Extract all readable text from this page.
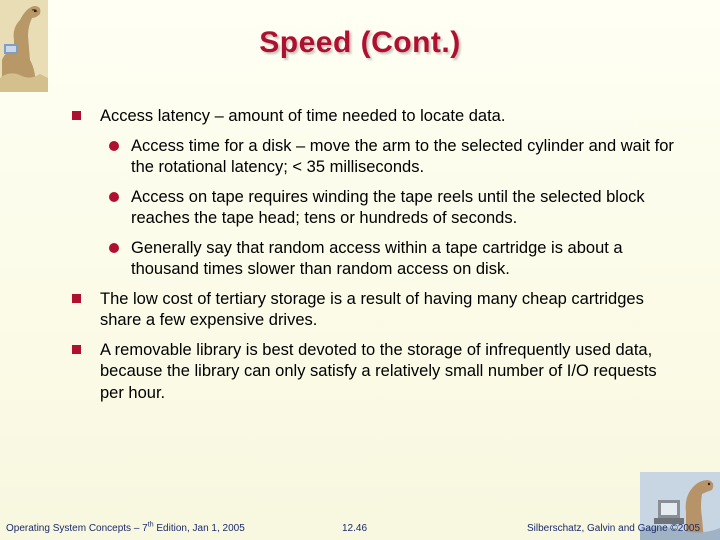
Speed (Cont.)
Access latency – amount of time needed to locate data.
Access time for a disk – move the arm to the selected cylinder and wait for the rotational latency; < 35 milliseconds.
Access on tape requires winding the tape reels until the selected block reaches the tape head; tens or hundreds of seconds.
Generally say that random access within a tape cartridge is about a thousand times slower than random access on disk.
The low cost of tertiary storage is a result of having many cheap cartridges share a few expensive drives.
A removable library is best devoted to the storage of infrequently used data, because the library can only satisfy a relatively small number of I/O requests per hour.
Operating System Concepts – 7th Edition, Jan 1, 2005	12.46	Silberschatz, Galvin and Gagne ©2005
